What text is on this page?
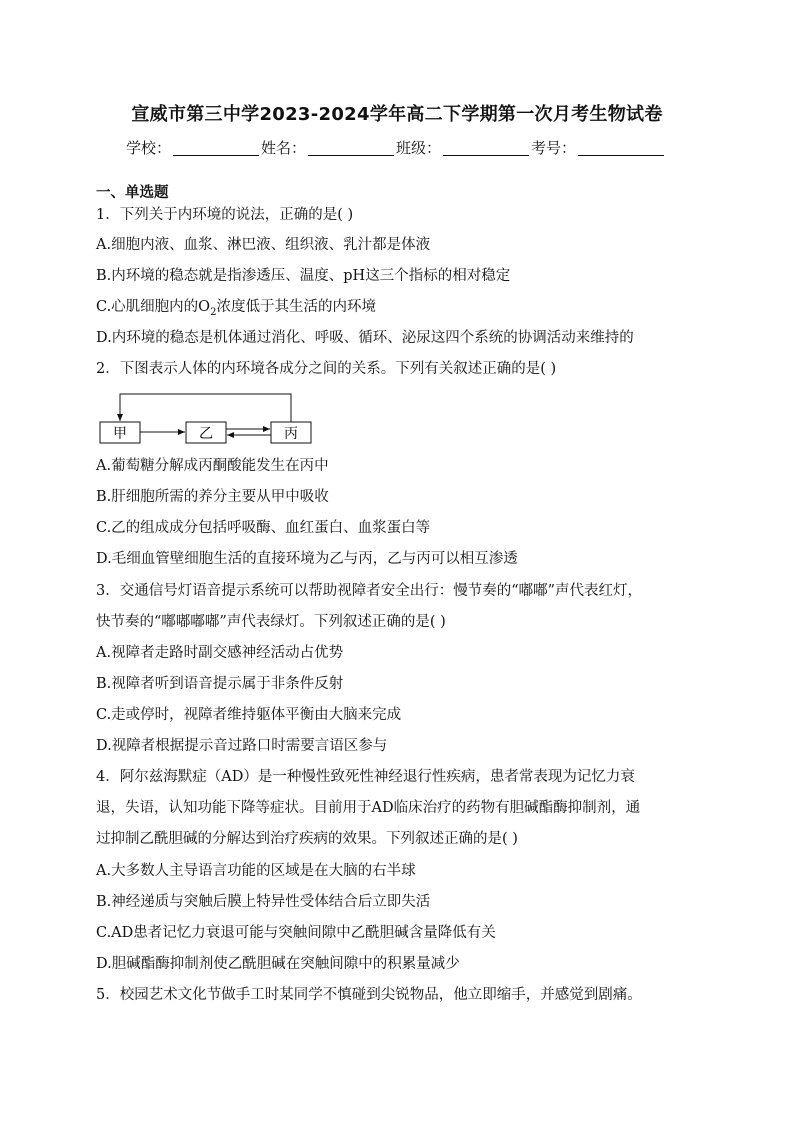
宣威市第三中学2023-2024学年高二下学期第一次月考生物试卷
学校：	姓名：	班级：	考号：
一、单选题
1．下列关于内环境的说法，正确的是( )
A.细胞内液、血浆、淋巴液、组织液、乳汁都是体液
B.内环境的稳态就是指渗透压、温度、pH这三个指标的相对稳定
C.心肌细胞内的$O_2$浓度低于其生活的内环境
D.内环境的稳态是机体通过消化、呼吸、循环、泌尿这四个系统的协调活动来维持的
2．下图表示人体的内环境各成分之间的关系。下列有关叙述正确的是( )
甲	乙	丙
A.葡萄糖分解成丙酮酸能发生在丙中
B.肝细胞所需的养分主要从甲中吸收
C.乙的组成成分包括呼吸酶、血红蛋白、血浆蛋白等
D.毛细血管壁细胞生活的直接环境为乙与丙，乙与丙可以相互渗透
3．交通信号灯语音提示系统可以帮助视障者安全出行：慢节奏的“嘟嘟”声代表红灯，
快节奏的“嘟嘟嘟嘟”声代表绿灯。下列叙述正确的是( )
A.视障者走路时副交感神经活动占优势
B.视障者听到语音提示属于非条件反射
C.走或停时，视障者维持躯体平衡由大脑来完成
D.视障者根据提示音过路口时需要言语区参与
4．阿尔兹海默症（AD）是一种慢性致死性神经退行性疾病，患者常表现为记忆力衰
退，失语，认知功能下降等症状。目前用于AD临床治疗的药物有胆碱酯酶抑制剂，通
过抑制乙酰胆碱的分解达到治疗疾病的效果。下列叙述正确的是( )
A.大多数人主导语言功能的区域是在大脑的右半球
B.神经递质与突触后膜上特异性受体结合后立即失活
C.AD患者记忆力衰退可能与突触间隙中乙酰胆碱含量降低有关
D.胆碱酯酶抑制剂使乙酰胆碱在突触间隙中的积累量减少
5．校园艺术文化节做手工时某同学不慎碰到尖锐物品，他立即缩手，并感觉到剧痛。
